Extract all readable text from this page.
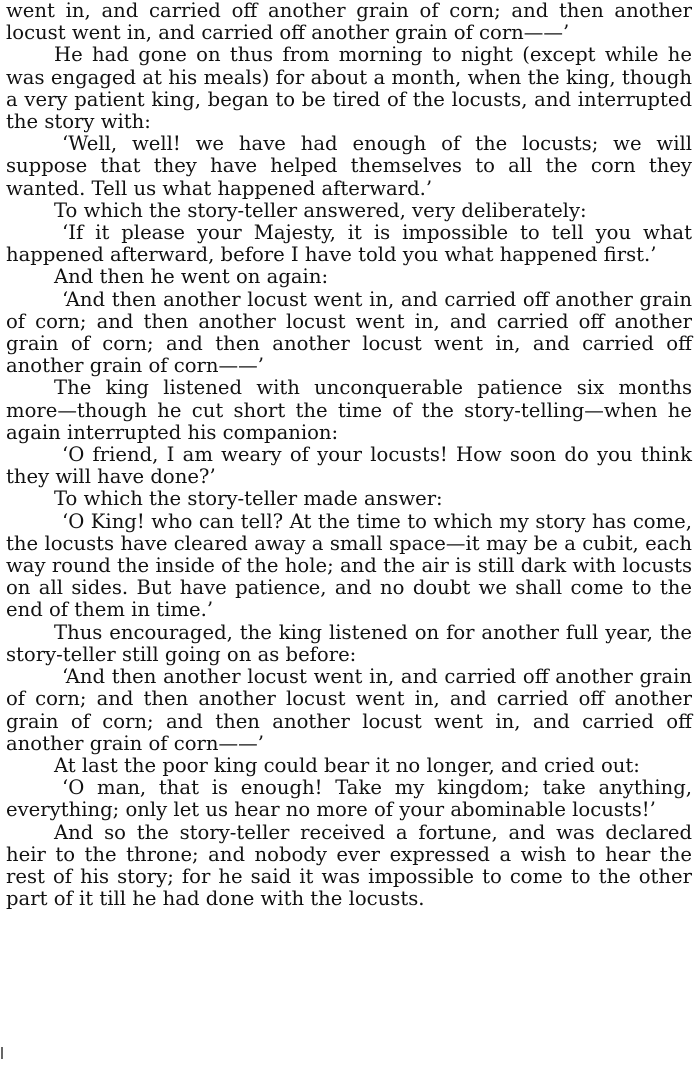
went in, and carried off another grain of corn; and then another locust went in, and carried off another grain of corn——’

He had gone on thus from morning to night (except while he was engaged at his meals) for about a month, when the king, though a very patient king, began to be tired of the locusts, and interrupted the story with:

‘Well, well! we have had enough of the locusts; we will suppose that they have helped themselves to all the corn they wanted. Tell us what happened afterward.’

To which the story-teller answered, very deliberately:

‘If it please your Majesty, it is impossible to tell you what happened afterward, before I have told you what happened first.’

And then he went on again:

‘And then another locust went in, and carried off another grain of corn; and then another locust went in, and carried off another grain of corn; and then another locust went in, and carried off another grain of corn——’

The king listened with unconquerable patience six months more—though he cut short the time of the story-telling—when he again interrupted his companion:

‘O friend, I am weary of your locusts! How soon do you think they will have done?’

To which the story-teller made answer:

‘O King! who can tell? At the time to which my story has come, the locusts have cleared away a small space—it may be a cubit, each way round the inside of the hole; and the air is still dark with locusts on all sides. But have patience, and no doubt we shall come to the end of them in time.’

Thus encouraged, the king listened on for another full year, the story-teller still going on as before:

‘And then another locust went in, and carried off another grain of corn; and then another locust went in, and carried off another grain of corn; and then another locust went in, and carried off another grain of corn——’

At last the poor king could bear it no longer, and cried out:

‘O man, that is enough! Take my kingdom; take anything, everything; only let us hear no more of your abominable locusts!’

And so the story-teller received a fortune, and was declared heir to the throne; and nobody ever expressed a wish to hear the rest of his story; for he said it was impossible to come to the other part of it till he had done with the locusts.
